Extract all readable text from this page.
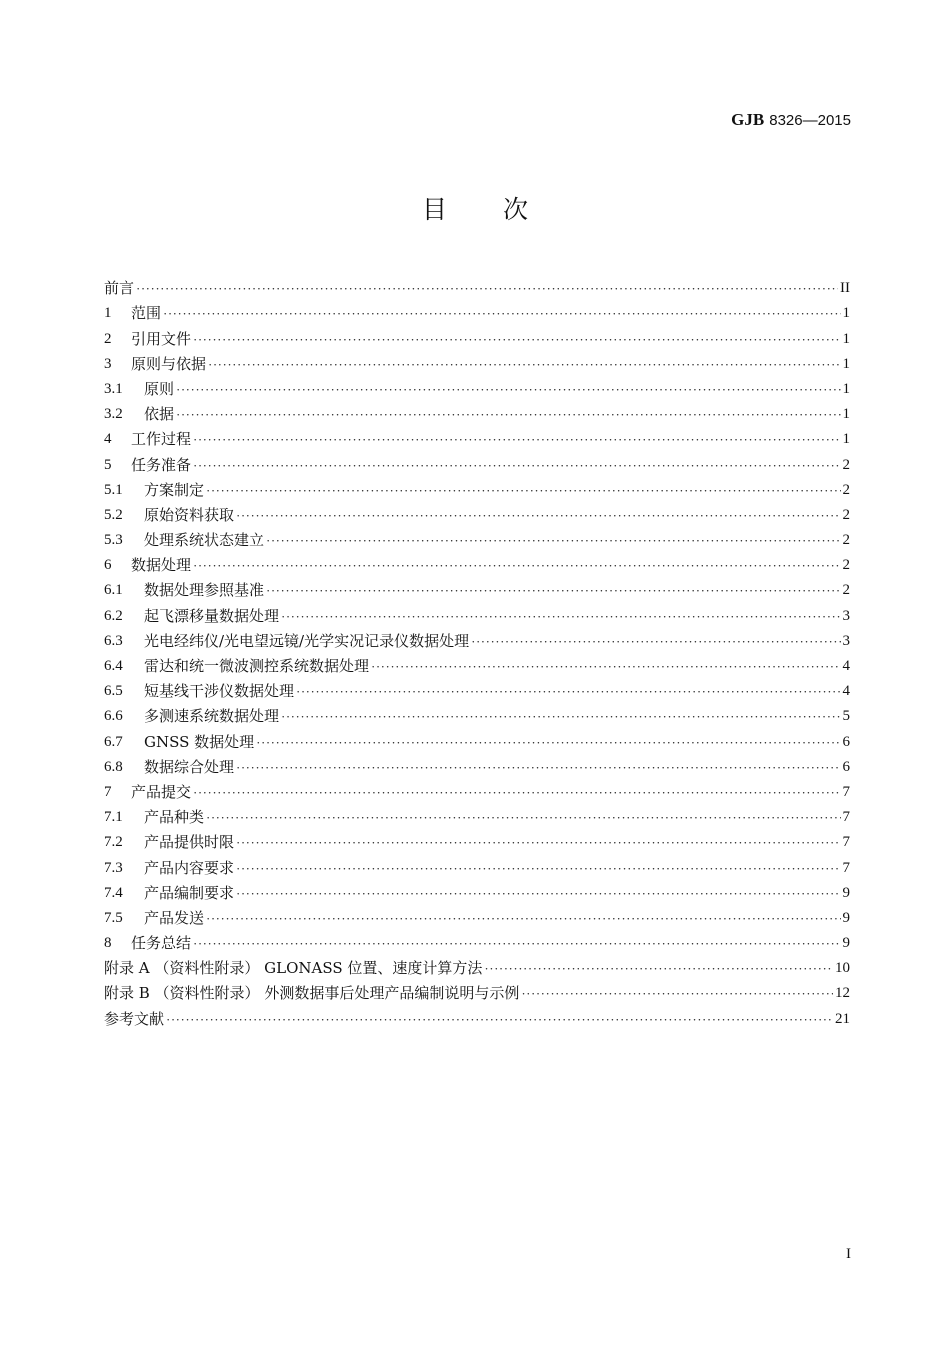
GJB 8326—2015
目次
前言 ·····	II
1	范围 ·····	1
2	引用文件 ·····	1
3	原则与依据 ·····	1
3.1	原则 ·····	1
3.2	依据 ·····	1
4	工作过程 ·····	1
5	任务准备 ·····	2
5.1	方案制定 ·····	2
5.2	原始资料获取 ·····	2
5.3	处理系统状态建立 ·····	2
6	数据处理 ·····	2
6.1	数据处理参照基准 ·····	2
6.2	起飞漂移量数据处理 ·····	3
6.3	光电经纬仪/光电望远镜/光学实况记录仪数据处理 ·····	3
6.4	雷达和统一微波测控系统数据处理 ·····	4
6.5	短基线干涉仪数据处理 ·····	4
6.6	多测速系统数据处理 ·····	5
6.7	GNSS 数据处理 ·····	6
6.8	数据综合处理 ·····	6
7	产品提交 ·····	7
7.1	产品种类 ·····	7
7.2	产品提供时限 ·····	7
7.3	产品内容要求 ·····	7
7.4	产品编制要求 ·····	9
7.5	产品发送 ·····	9
8	任务总结 ·····	9
附录 A （资料性附录） GLONASS 位置、速度计算方法 ·····	10
附录 B （资料性附录） 外测数据事后处理产品编制说明与示例 ·····	12
参考文献 ·····	21
I
